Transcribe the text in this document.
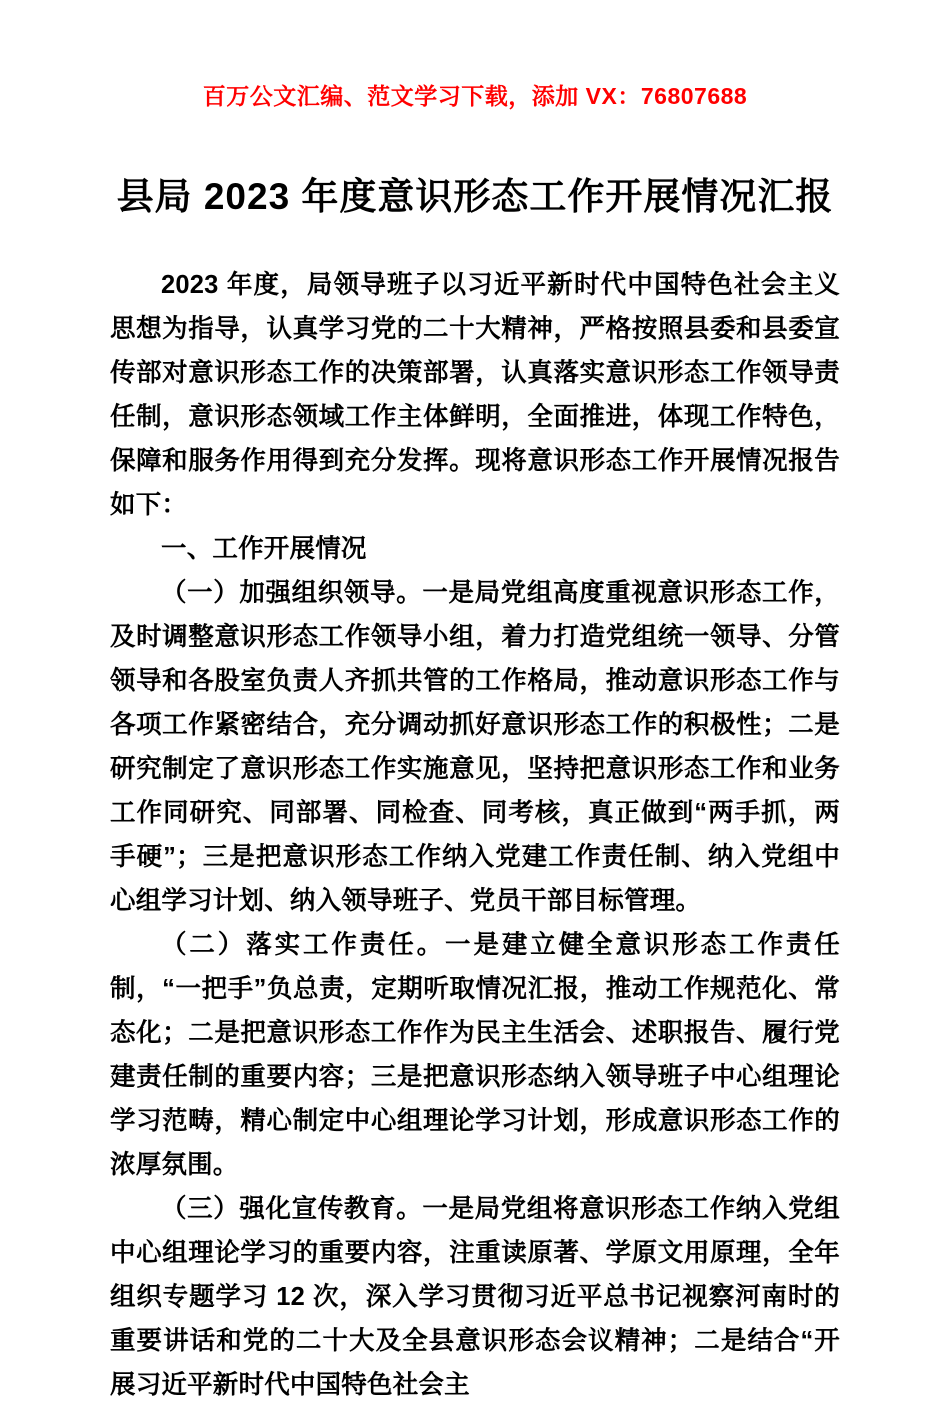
百万公文汇编、范文学习下载，添加 VX：76807688
县局 2023 年度意识形态工作开展情况汇报

2023 年度，局领导班子以习近平新时代中国特色社会主义思想为指导，认真学习党的二十大精神，严格按照县委和县委宣传部对意识形态工作的决策部署，认真落实意识形态工作领导责任制，意识形态领域工作主体鲜明，全面推进，体现工作特色，保障和服务作用得到充分发挥。现将意识形态工作开展情况报告如下：

一、工作开展情况

（一）加强组织领导。一是局党组高度重视意识形态工作，及时调整意识形态工作领导小组，着力打造党组统一领导、分管领导和各股室负责人齐抓共管的工作格局，推动意识形态工作与各项工作紧密结合，充分调动抓好意识形态工作的积极性；二是研究制定了意识形态工作实施意见，坚持把意识形态工作和业务工作同研究、同部署、同检查、同考核，真正做到“两手抓，两手硬”；三是把意识形态工作纳入党建工作责任制、纳入党组中心组学习计划、纳入领导班子、党员干部目标管理。

（二）落实工作责任。一是建立健全意识形态工作责任制，“一把手”负总责，定期听取情况汇报，推动工作规范化、常态化；二是把意识形态工作作为民主生活会、述职报告、履行党建责任制的重要内容；三是把意识形态纳入领导班子中心组理论学习范畴，精心制定中心组理论学习计划，形成意识形态工作的浓厚氛围。

（三）强化宣传教育。一是局党组将意识形态工作纳入党组中心组理论学习的重要内容，注重读原著、学原文用原理，全年组织专题学习 12 次，深入学习贯彻习近平总书记视察河南时的重要讲话和党的二十大及全县意识形态会议精神；二是结合“开展习近平新时代中国特色社会主
